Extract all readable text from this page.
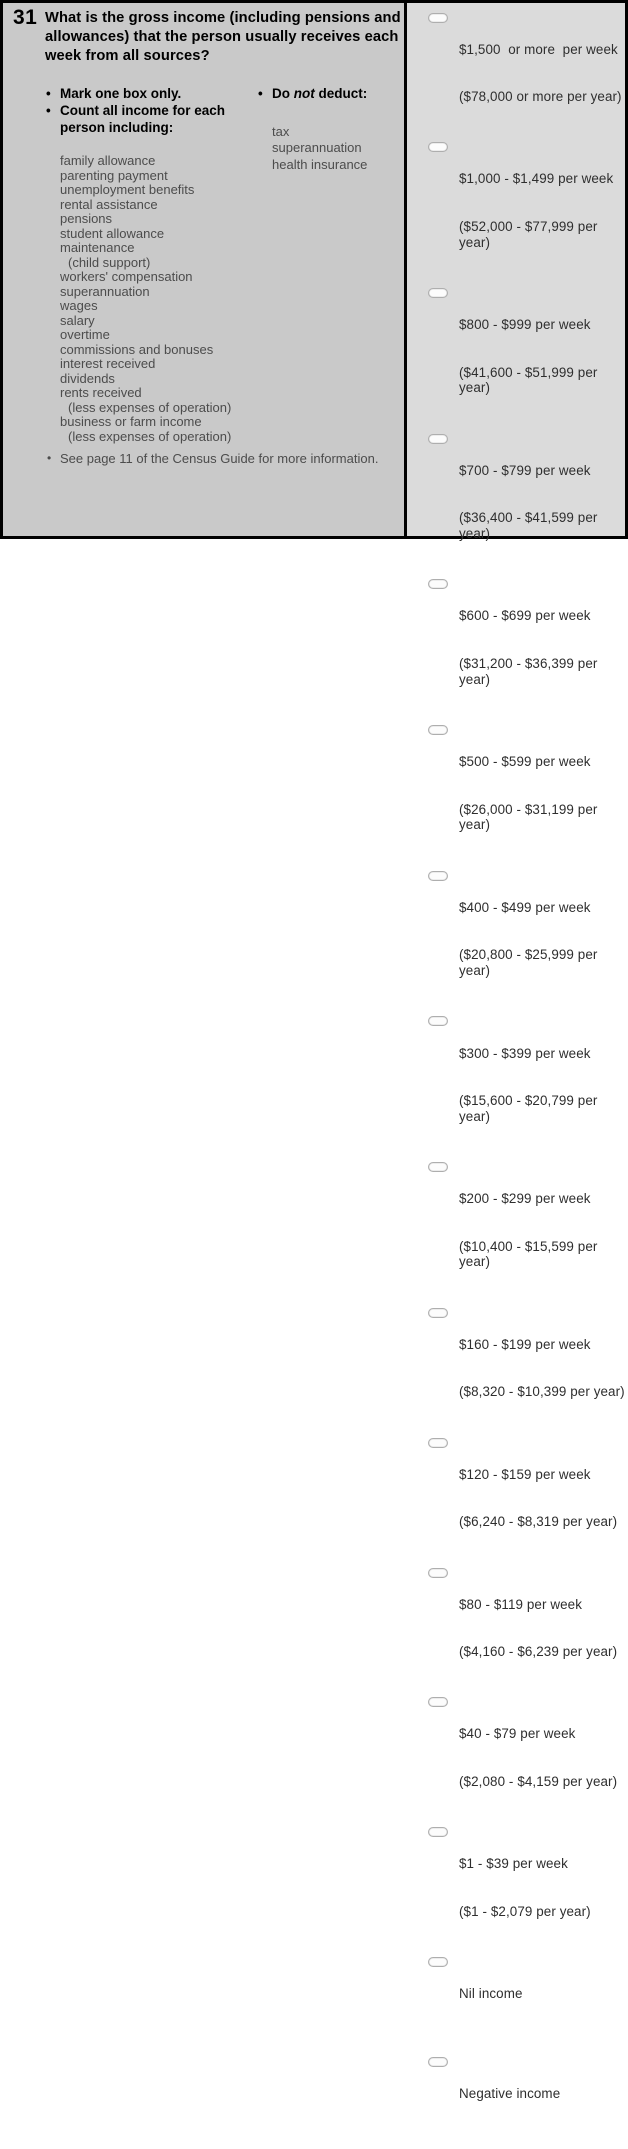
31 What is the gross income (including pensions and
allowances) that the person usually receives each
week from all sources?
• Mark one box only.
• Count all income for each person including:
• Do not deduct:
tax
superannuation
health insurance
family allowance
parenting payment
unemployment benefits
rental assistance
pensions
student allowance
maintenance
(child support)
workers' compensation
superannuation
wages
salary
overtime
commissions and bonuses
interest received
dividends
rents received
(less expenses of operation)
business or farm income
(less expenses of operation)
• See page 11 of the Census Guide for more information.

$1,500  or more  per week

($78,000 or more per year)

$1,000 - $1,499 per week

($52,000 - $77,999 per year)

$800 - $999 per week

($41,600 - $51,999 per year)

$700 - $799 per week

($36,400 - $41,599 per year)

$600 - $699 per week

($31,200 - $36,399 per year)

$500 - $599 per week

($26,000 - $31,199 per year)

$400 - $499 per week

($20,800 - $25,999 per year)

$300 - $399 per week

($15,600 - $20,799 per year)

$200 - $299 per week

($10,400 - $15,599 per year)

$160 - $199 per week

($8,320 - $10,399 per year)

$120 - $159 per week

($6,240 - $8,319 per year)

$80 - $119 per week

($4,160 - $6,239 per year)

$40 - $79 per week

($2,080 - $4,159 per year)

$1 - $39 per week

($1 - $2,079 per year)

Nil income

Negative income
